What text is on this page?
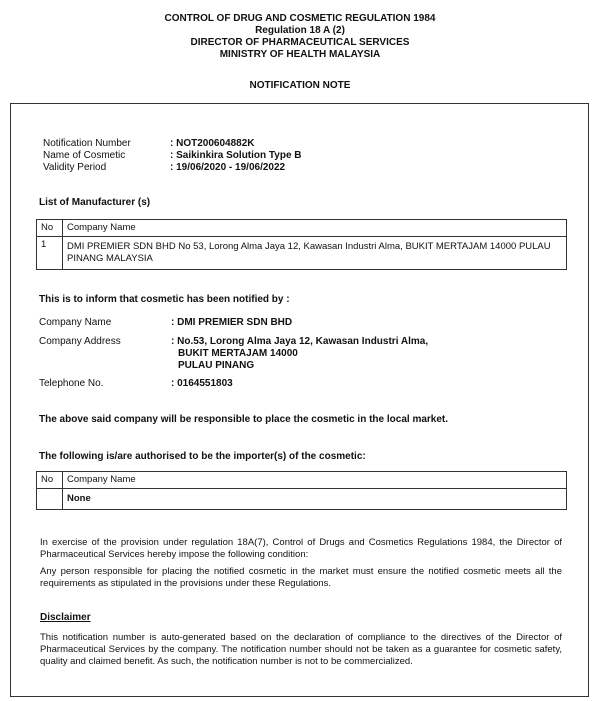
CONTROL OF DRUG AND COSMETIC REGULATION 1984
Regulation 18 A (2)
DIRECTOR OF PHARMACEUTICAL SERVICES
MINISTRY OF HEALTH MALAYSIA
NOTIFICATION NOTE
Notification Number	: NOT200604882K
Name of Cosmetic	: Saikinkira Solution Type B
Validity Period	: 19/06/2020 - 19/06/2022
List of Manufacturer (s)
No	Company Name
1	DMI PREMIER SDN BHD No 53, Lorong Alma Jaya 12, Kawasan Industri Alma, BUKIT MERTAJAM 14000 PULAU PINANG MALAYSIA
This is to inform that cosmetic has been notified by :
Company Name	: DMI PREMIER SDN BHD
Company Address	: No.53, Lorong Alma Jaya 12, Kawasan Industri Alma,
BUKIT MERTAJAM 14000
PULAU PINANG
Telephone No.	: 0164551803
The above said company will be responsible to place the cosmetic in the local market.
The following is/are authorised to be the importer(s) of the cosmetic:
No	Company Name
	None
In exercise of the provision under regulation 18A(7), Control of Drugs and Cosmetics Regulations 1984, the Director of Pharmaceutical Services hereby impose the following condition:
Any person responsible for placing the notified cosmetic in the market must ensure the notified cosmetic meets all the requirements as stipulated in the provisions under these Regulations.
Disclaimer
This notification number is auto-generated based on the declaration of compliance to the directives of the Director of Pharmaceutical Services by the company. The notification number should not be taken as a guarantee for cosmetic safety, quality and claimed benefit. As such, the notification number is not to be commercialized.
